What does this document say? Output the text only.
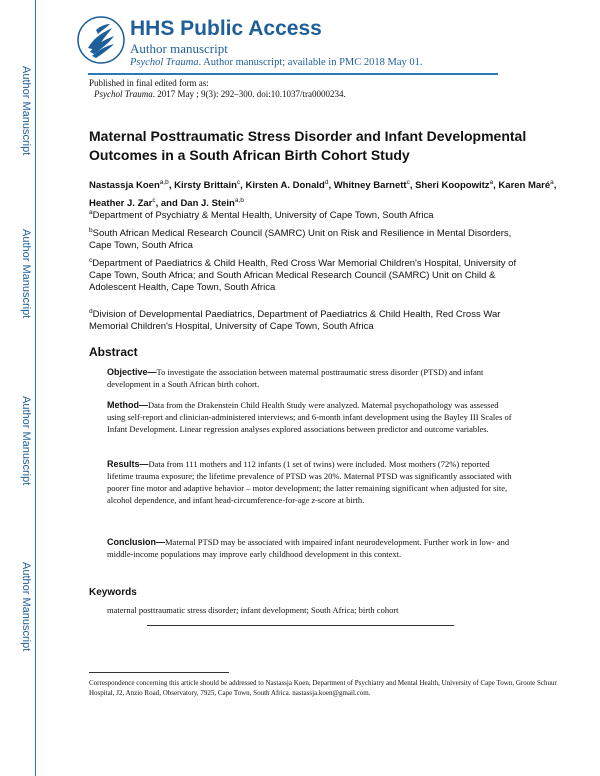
Author Manuscript
Author Manuscript
Author Manuscript
Author Manuscript
HHS Public Access
Author manuscript
Psychol Trauma. Author manuscript; available in PMC 2018 May 01.
Published in final edited form as:
Psychol Trauma. 2017 May ; 9(3): 292–300. doi:10.1037/tra0000234.
Maternal Posttraumatic Stress Disorder and Infant Developmental Outcomes in a South African Birth Cohort Study
Nastassja Koen$^{a,b}$, Kirsty Brittain$^c$, Kirsten A. Donald$^d$, Whitney Barnett$^c$, Sheri Koopowitz$^a$, Karen Maré$^a$, Heather J. Zar$^c$, and Dan J. Stein$^{a,b}$
$^a$Department of Psychiatry & Mental Health, University of Cape Town, South Africa
$^b$South African Medical Research Council (SAMRC) Unit on Risk and Resilience in Mental Disorders, Cape Town, South Africa
$^c$Department of Paediatrics & Child Health, Red Cross War Memorial Children's Hospital, University of Cape Town, South Africa; and South African Medical Research Council (SAMRC) Unit on Child & Adolescent Health, Cape Town, South Africa
$^d$Division of Developmental Paediatrics, Department of Paediatrics & Child Health, Red Cross War Memorial Children's Hospital, University of Cape Town, South Africa
Abstract
Objective—To investigate the association between maternal posttraumatic stress disorder (PTSD) and infant development in a South African birth cohort.
Method—Data from the Drakenstein Child Health Study were analyzed. Maternal psychopathology was assessed using self-report and clinician-administered interviews; and 6-month infant development using the Bayley III Scales of Infant Development. Linear regression analyses explored associations between predictor and outcome variables.
Results—Data from 111 mothers and 112 infants (1 set of twins) were included. Most mothers (72%) reported lifetime trauma exposure; the lifetime prevalence of PTSD was 20%. Maternal PTSD was significantly associated with poorer fine motor and adaptive behavior – motor development; the latter remaining significant when adjusted for site, alcohol dependence, and infant head-circumference-for-age z-score at birth.
Conclusion—Maternal PTSD may be associated with impaired infant neurodevelopment. Further work in low- and middle-income populations may improve early childhood development in this context.
Keywords
maternal posttraumatic stress disorder; infant development; South Africa; birth cohort
Correspondence concerning this article should be addressed to Nastassja Koen, Department of Psychiatry and Mental Health, University of Cape Town, Groote Schuur Hospital, J2, Anzio Road, Observatory, 7925, Cape Town, South Africa. nastassja.koen@gmail.com.
